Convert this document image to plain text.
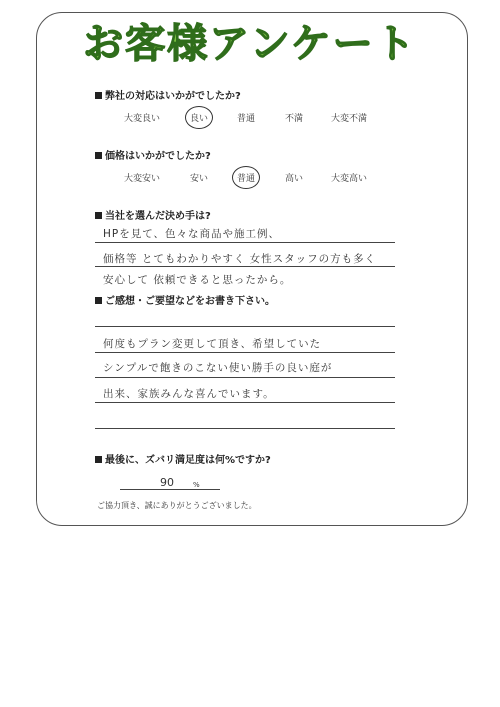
お客様アンケート
弊社の対応はいかがでしたか?
大変良い	良い	普通	不満	大変不満
価格はいかがでしたか?
大変安い	安い	普通	高い	大変高い
当社を選んだ決め手は?
HPを見て、色々な商品や施工例、
価格等 とてもわかりやすく 女性スタッフの方も多く
安心して 依頼できると思ったから。
ご感想・ご要望などをお書き下さい。
何度もプラン変更して頂き、希望していた
シンプルで飽きのこない使い勝手の良い庭が
出来、家族みんな喜んでいます。
最後に、ズバリ満足度は何%ですか?
90	%
ご協力頂き、誠にありがとうございました。
